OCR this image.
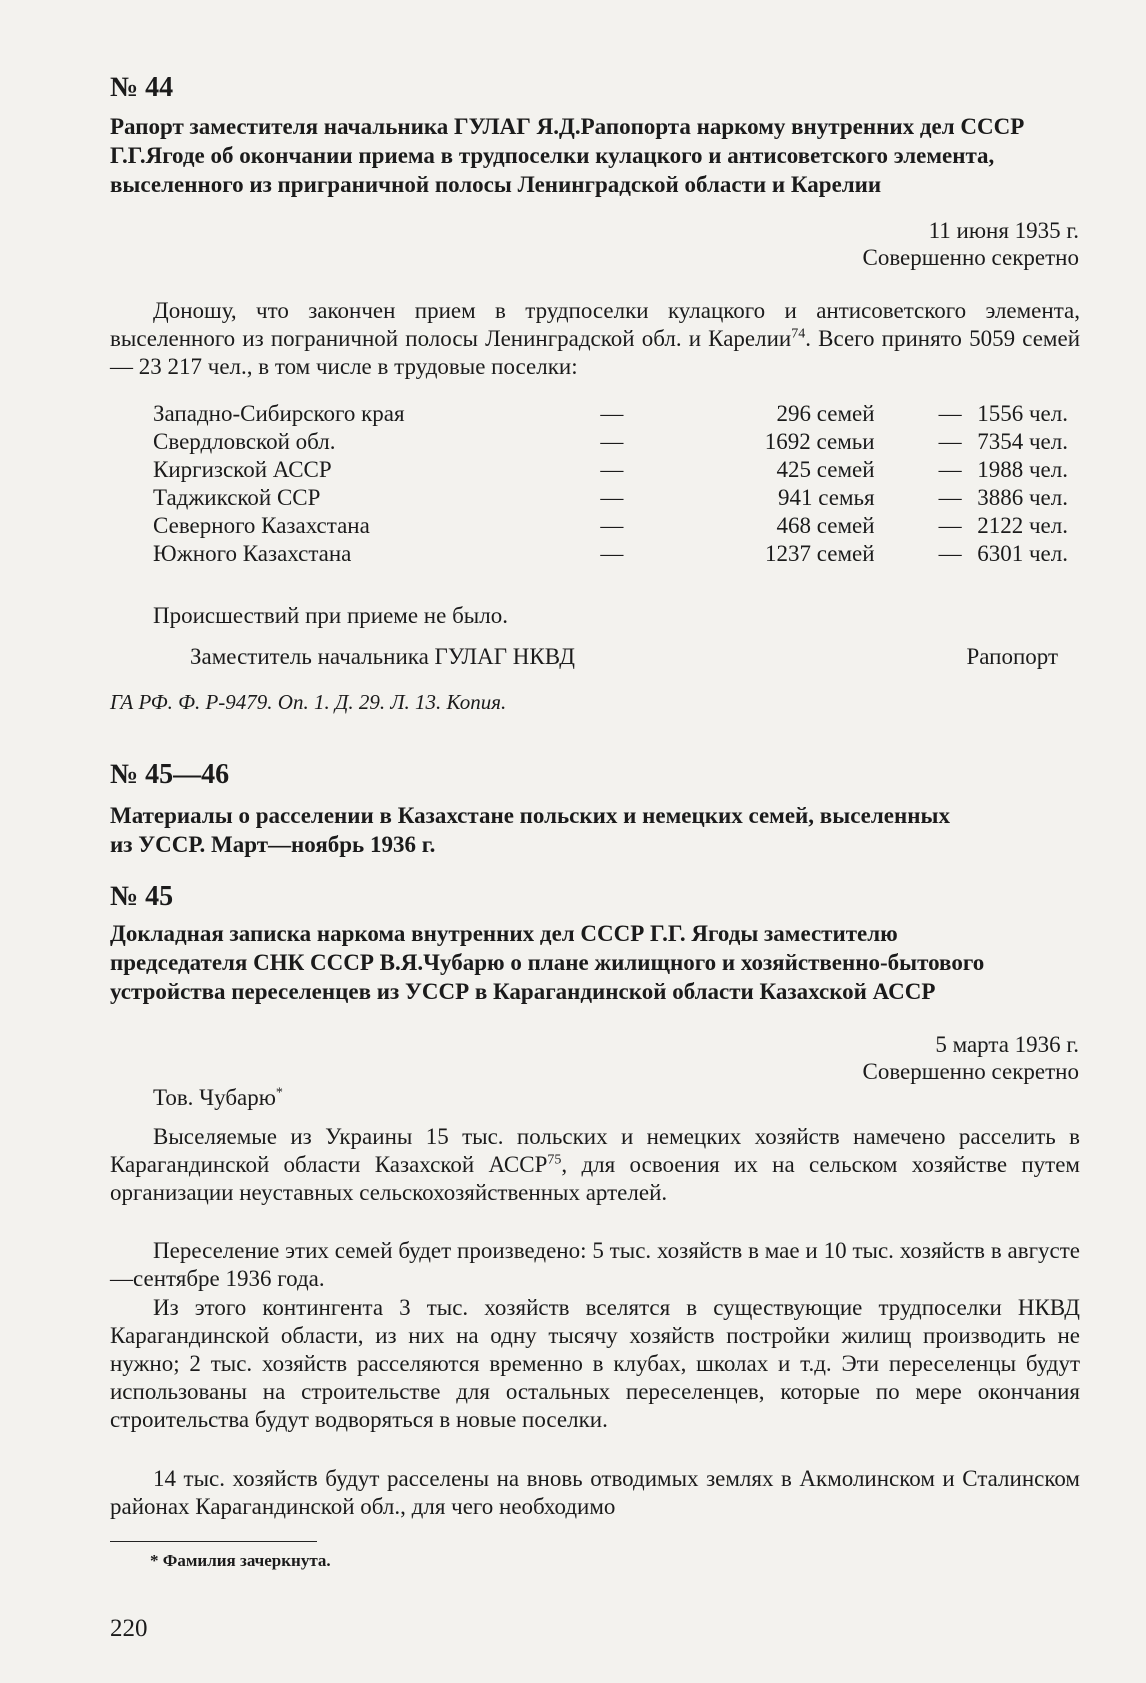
№ 44
Рапорт заместителя начальника ГУЛАГ Я.Д.Рапопорта наркому внутренних дел СССР Г.Г.Ягоде об окончании приема в трудпоселки кулацкого и антисоветского элемента, выселенного из приграничной полосы Ленинградской области и Карелии
11 июня 1935 г.
Совершенно секретно

Доношу, что закончен прием в трудпоселки кулацкого и антисоветского элемента, выселенного из пограничной полосы Ленинградской обл. и Карелии$^{74}$. Всего принято 5059 семей — 23 217 чел., в том числе в трудовые поселки:

Западно-Сибирского края	—	296 семей	— 1556 чел.
Свердловской обл.	—	1692 семьи	— 7354 чел.
Киргизской АССР	—	425 семей	— 1988 чел.
Таджикской ССР	—	941 семья	— 3886 чел.
Северного Казахстана	—	468 семей	— 2122 чел.
Южного Казахстана	—	1237 семей	— 6301 чел.
Происшествий при приеме не было.
Заместитель начальника ГУЛАГ НКВД	Рапопорт
ГА РФ. Ф. Р-9479. Оп. 1. Д. 29. Л. 13. Копия.
№ 45—46
Материалы о расселении в Казахстане польских и немецких семей, выселенных из УССР. Март—ноябрь 1936 г.
№ 45
Докладная записка наркома внутренних дел СССР Г.Г. Ягоды заместителю председателя СНК СССР В.Я.Чубарю о плане жилищного и хозяйственно-бытового устройства переселенцев из УССР в Карагандинской области Казахской АССР
5 марта 1936 г.
Совершенно секретно
Тов. Чубарю*

Выселяемые из Украины 15 тыс. польских и немецких хозяйств намечено расселить в Карагандинской области Казахской АССР$^{75}$, для освоения их на сельском хозяйстве путем организации неуставных сельскохозяйственных артелей.

Переселение этих семей будет произведено: 5 тыс. хозяйств в мае и 10 тыс. хозяйств в августе—сентябре 1936 года.

Из этого контингента 3 тыс. хозяйств вселятся в существующие трудпоселки НКВД Карагандинской области, из них на одну тысячу хозяйств постройки жилищ производить не нужно; 2 тыс. хозяйств расселяются временно в клубах, школах и т.д. Эти переселенцы будут использованы на строительстве для остальных переселенцев, которые по мере окончания строительства будут водворяться в новые поселки.

14 тыс. хозяйств будут расселены на вновь отводимых землях в Акмолинском и Сталинском районах Карагандинской обл., для чего необходимо

* Фамилия зачеркнута.
220
